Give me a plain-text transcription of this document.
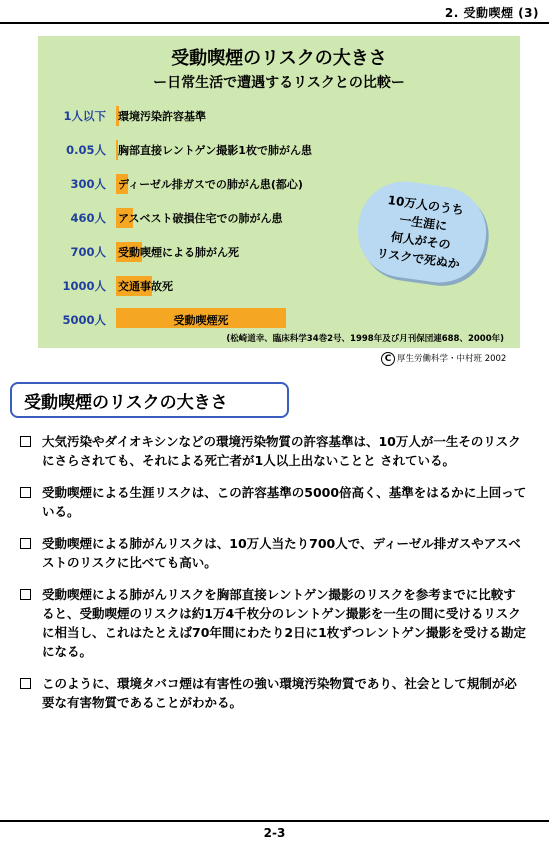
2. 受動喫煙 (3)
受動喫煙のリスクの大きさ
ー日常生活で遭遇するリスクとの比較ー
1人以下 環境汚染許容基準
0.05人 胸部直接レントゲン撮影1枚で肺がん患
300人 ディーゼル排ガスでの肺がん患(都心)
460人 アスベスト破損住宅での肺がん患
700人 受動喫煙による肺がん死
1000人 交通事故死
5000人	受動喫煙死
10万人のうち
一生涯に
何人がその
リスクで死ぬか
(松崎道幸、臨床科学34巻2号、1998年及び月刊保団連688、2000年)
C 厚生労働科学・中村班 2002
受動喫煙のリスクの大きさ
大気汚染やダイオキシンなどの環境汚染物質の許容基準は、10万人が一生そのリスクにさらされても、それによる死亡者が1人以上出ないことと されている。
受動喫煙による生涯リスクは、この許容基準の5000倍高く、基準をはるかに上回っている。
受動喫煙による肺がんリスクは、10万人当たり700人で、ディーゼル排ガスやアスベストのリスクに比べても高い。
受動喫煙による肺がんリスクを胸部直接レントゲン撮影のリスクを参考までに比較すると、受動喫煙のリスクは約1万4千枚分のレントゲン撮影を一生の間に受けるリスクに相当し、これはたとえば70年間にわたり2日に1枚ずつレントゲン撮影を受ける勘定になる。
このように、環境タバコ煙は有害性の強い環境汚染物質であり、社会として規制が必要な有害物質であることがわかる。
2-3
